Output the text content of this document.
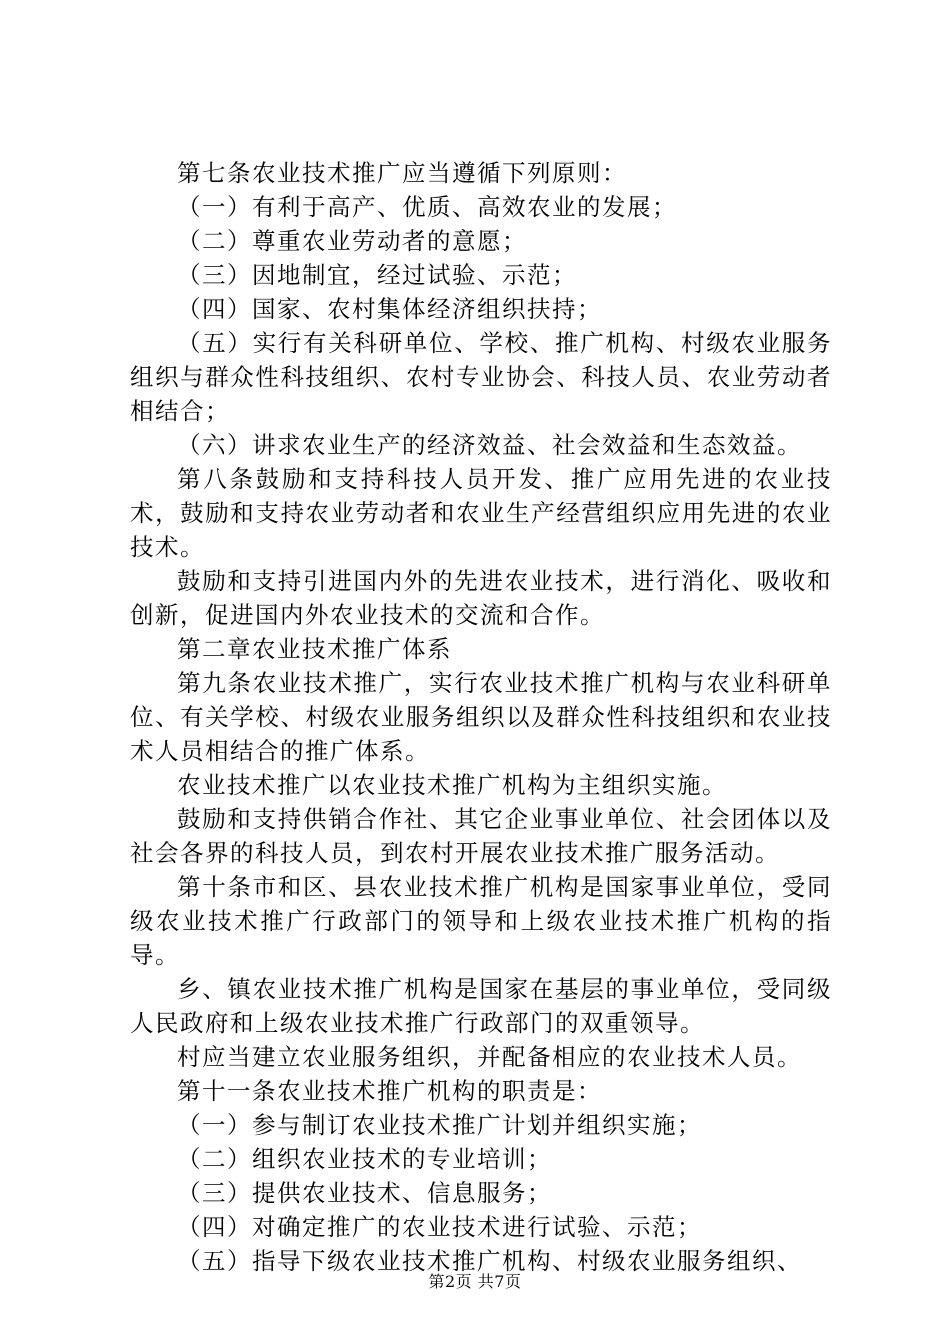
第七条农业技术推广应当遵循下列原则：

（一）有利于高产、优质、高效农业的发展；

（二）尊重农业劳动者的意愿；

（三）因地制宜，经过试验、示范；

（四）国家、农村集体经济组织扶持；

（五）实行有关科研单位、学校、推广机构、村级农业服务组织与群众性科技组织、农村专业协会、科技人员、农业劳动者相结合；

（六）讲求农业生产的经济效益、社会效益和生态效益。

第八条鼓励和支持科技人员开发、推广应用先进的农业技术，鼓励和支持农业劳动者和农业生产经营组织应用先进的农业技术。

鼓励和支持引进国内外的先进农业技术，进行消化、吸收和创新，促进国内外农业技术的交流和合作。

第二章农业技术推广体系

第九条农业技术推广，实行农业技术推广机构与农业科研单位、有关学校、村级农业服务组织以及群众性科技组织和农业技术人员相结合的推广体系。

农业技术推广以农业技术推广机构为主组织实施。

鼓励和支持供销合作社、其它企业事业单位、社会团体以及社会各界的科技人员，到农村开展农业技术推广服务活动。

第十条市和区、县农业技术推广机构是国家事业单位，受同级农业技术推广行政部门的领导和上级农业技术推广机构的指导。

乡、镇农业技术推广机构是国家在基层的事业单位，受同级人民政府和上级农业技术推广行政部门的双重领导。

村应当建立农业服务组织，并配备相应的农业技术人员。

第十一条农业技术推广机构的职责是：

（一）参与制订农业技术推广计划并组织实施；

（二）组织农业技术的专业培训；

（三）提供农业技术、信息服务；

（四）对确定推广的农业技术进行试验、示范；

（五）指导下级农业技术推广机构、村级农业服务组织、

第2页 共7页
